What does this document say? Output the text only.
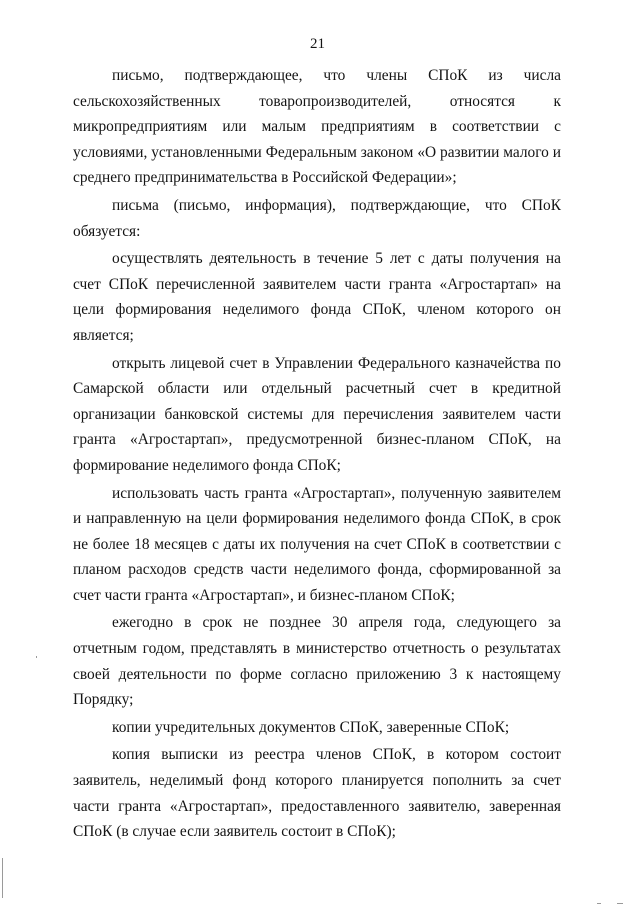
21

письмо, подтверждающее, что члены СПоК из числа сельскохозяйственных товаропроизводителей, относятся к микропредприятиям или малым предприятиям в соответствии с условиями, установленными Федеральным законом «О развитии малого и среднего предпринимательства в Российской Федерации»;

письма (письмо, информация), подтверждающие, что СПоК обязуется:

осуществлять деятельность в течение 5 лет с даты получения на счет СПоК перечисленной заявителем части гранта «Агростартап» на цели формирования неделимого фонда СПоК, членом которого он является;

открыть лицевой счет в Управлении Федерального казначейства по Самарской области или отдельный расчетный счет в кредитной организации банковской системы для перечисления заявителем части гранта «Агростартап», предусмотренной бизнес-планом СПоК, на формирование неделимого фонда СПоК;

использовать часть гранта «Агростартап», полученную заявителем и направленную на цели формирования неделимого фонда СПоК, в срок не более 18 месяцев с даты их получения на счет СПоК в соответствии с планом расходов средств части неделимого фонда, сформированной за счет части гранта «Агростартап», и бизнес-планом СПоК;

ежегодно в срок не позднее 30 апреля года, следующего за отчетным годом, представлять в министерство отчетность о результатах своей деятельности по форме согласно приложению 3 к настоящему Порядку;

копии учредительных документов СПоК, заверенные СПоК;

копия выписки из реестра членов СПоК, в котором состоит заявитель, неделимый фонд которого планируется пополнить за счет части гранта «Агростартап», предоставленного заявителю, заверенная СПоК (в случае если заявитель состоит в СПоК);
